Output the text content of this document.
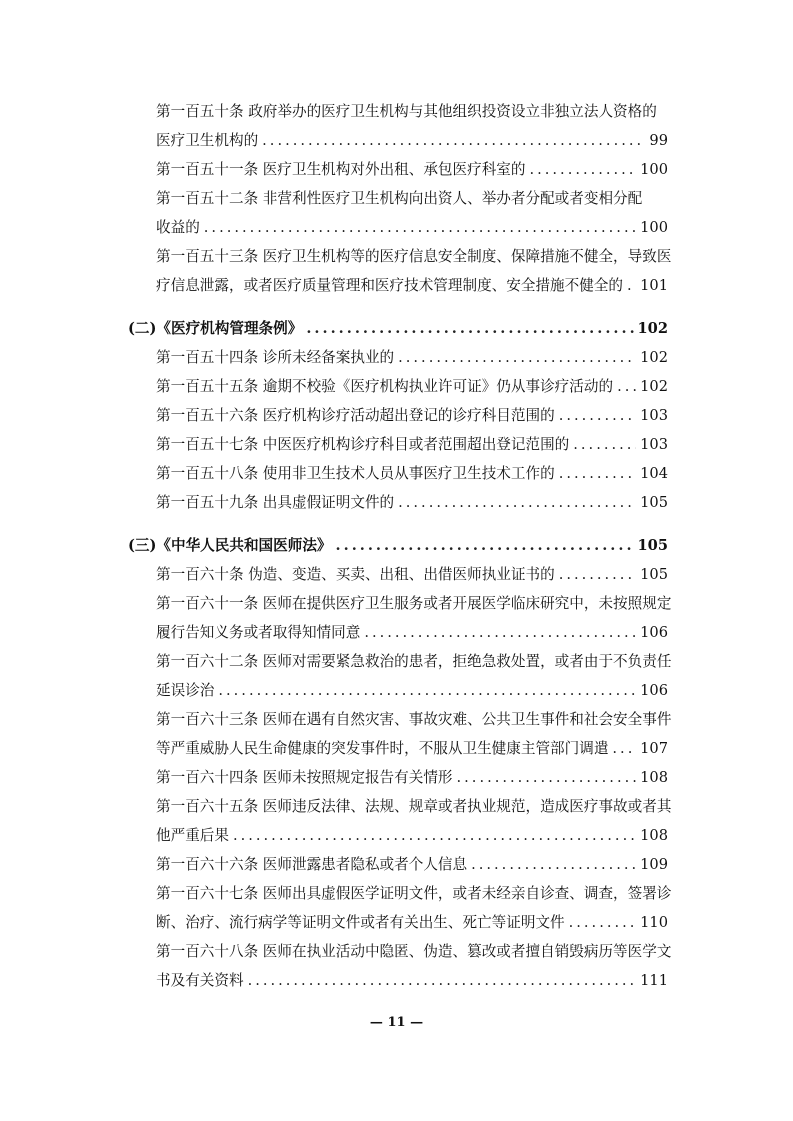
第一百五十条 政府举办的医疗卫生机构与其他组织投资设立非独立法人资格的
医疗卫生机构的 .....	99
第一百五十一条 医疗卫生机构对外出租、承包医疗科室的 .....	100
第一百五十二条 非营利性医疗卫生机构向出资人、举办者分配或者变相分配
收益的 .....	100
第一百五十三条 医疗卫生机构等的医疗信息安全制度、保障措施不健全，导致医
疗信息泄露，或者医疗质量管理和医疗技术管理制度、安全措施不健全的 ..... 101
(二)《医疗机构管理条例》 .....	102
第一百五十四条 诊所未经备案执业的 .....	102
第一百五十五条 逾期不校验《医疗机构执业许可证》仍从事诊疗活动的 ..... 102
第一百五十六条 医疗机构诊疗活动超出登记的诊疗科目范围的 .....	103
第一百五十七条 中医医疗机构诊疗科目或者范围超出登记范围的 .....	103
第一百五十八条 使用非卫生技术人员从事医疗卫生技术工作的 .....	104
第一百五十九条 出具虚假证明文件的 .....	105
(三)《中华人民共和国医师法》 .....	105
第一百六十条 伪造、变造、买卖、出租、出借医师执业证书的 .....	105
第一百六十一条 医师在提供医疗卫生服务或者开展医学临床研究中，未按照规定
履行告知义务或者取得知情同意 .....	106
第一百六十二条 医师对需要紧急救治的患者，拒绝急救处置，或者由于不负责任
延误诊治 .....	106
第一百六十三条 医师在遇有自然灾害、事故灾难、公共卫生事件和社会安全事件
等严重威胁人民生命健康的突发事件时，不服从卫生健康主管部门调遣 ..... 107
第一百六十四条 医师未按照规定报告有关情形 .....	108
第一百六十五条 医师违反法律、法规、规章或者执业规范，造成医疗事故或者其
他严重后果 .....	108
第一百六十六条 医师泄露患者隐私或者个人信息 .....	109
第一百六十七条 医师出具虚假医学证明文件，或者未经亲自诊查、调查，签署诊
断、治疗、流行病学等证明文件或者有关出生、死亡等证明文件 .....	110
第一百六十八条 医师在执业活动中隐匿、伪造、篡改或者擅自销毁病历等医学文
书及有关资料 .....	111
— 11 —
